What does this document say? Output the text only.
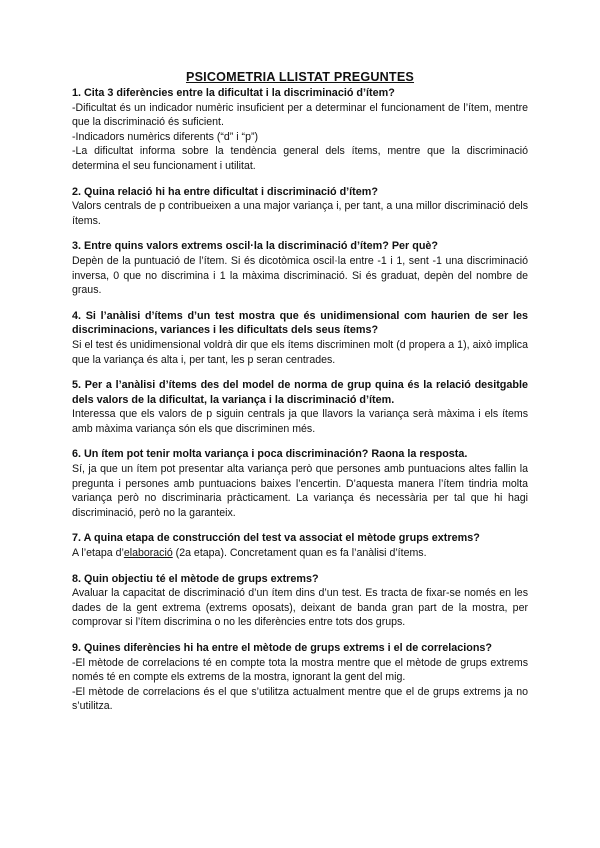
PSICOMETRIA LLISTAT PREGUNTES

1. Cita 3 diferències entre la dificultat i la discriminació d’ítem?

-Dificultat és un indicador numèric insuficient per a determinar el funcionament de l’ítem, mentre que la discriminació és suficient.

-Indicadors numèrics diferents (“d” i “p”)

-La dificultat informa sobre la tendència general dels ítems, mentre que la discriminació determina el seu funcionament i utilitat.

2. Quina relació hi ha entre dificultat i discriminació d’ítem?

Valors centrals de p contribueixen a una major variança i, per tant, a una millor discriminació dels ítems.

3. Entre quins valors extrems oscil·la la discriminació d’ítem? Per què?

Depèn de la puntuació de l’ítem. Si és dicotòmica oscil·la entre -1 i 1, sent -1 una discriminació inversa, 0 que no discrimina i 1 la màxima discriminació. Si és graduat, depèn del nombre de graus.

4. Si l’anàlisi d’ítems d’un test mostra que és unidimensional com haurien de ser les discriminacions, variances i les dificultats dels seus ítems?

Si el test és unidimensional voldrà dir que els ítems discriminen molt (d propera a 1), això implica que la variança és alta i, per tant, les p seran centrades.

5. Per a l’anàlisi d’ítems des del model de norma de grup quina és la relació desitgable dels valors de la dificultat, la variança i la discriminació d’ítem.

Interessa que els valors de p siguin centrals ja que llavors la variança serà màxima i els ítems amb màxima variança són els que discriminen més.

6. Un ítem pot tenir molta variança i poca discriminación? Raona la resposta.

Sí, ja que un ítem pot presentar alta variança però que persones amb puntuacions altes fallin la pregunta i persones amb puntuacions baixes l’encertin. D’aquesta manera l’ítem tindria molta variança però no discriminaria pràcticament. La variança és necessària per tal que hi hagi discriminació, però no la garanteix.

7. A quina etapa de construcción del test va associat el mètode grups extrems?

A l’etapa d’elaboració (2a etapa). Concretament quan es fa l’anàlisi d’ítems.

8. Quin objectiu té el mètode de grups extrems?

Avaluar la capacitat de discriminació d’un ítem dins d’un test. Es tracta de fixar-se només en les dades de la gent extrema (extrems oposats), deixant de banda gran part de la mostra, per comprovar si l’ítem discrimina o no les diferències entre tots dos grups.

9. Quines diferències hi ha entre el mètode de grups extrems i el de correlacions?

-El mètode de correlacions té en compte tota la mostra mentre que el mètode de grups extrems només té en compte els extrems de la mostra, ignorant la gent del mig.

-El mètode de correlacions és el que s’utilitza actualment mentre que el de grups extrems ja no s’utilitza.
